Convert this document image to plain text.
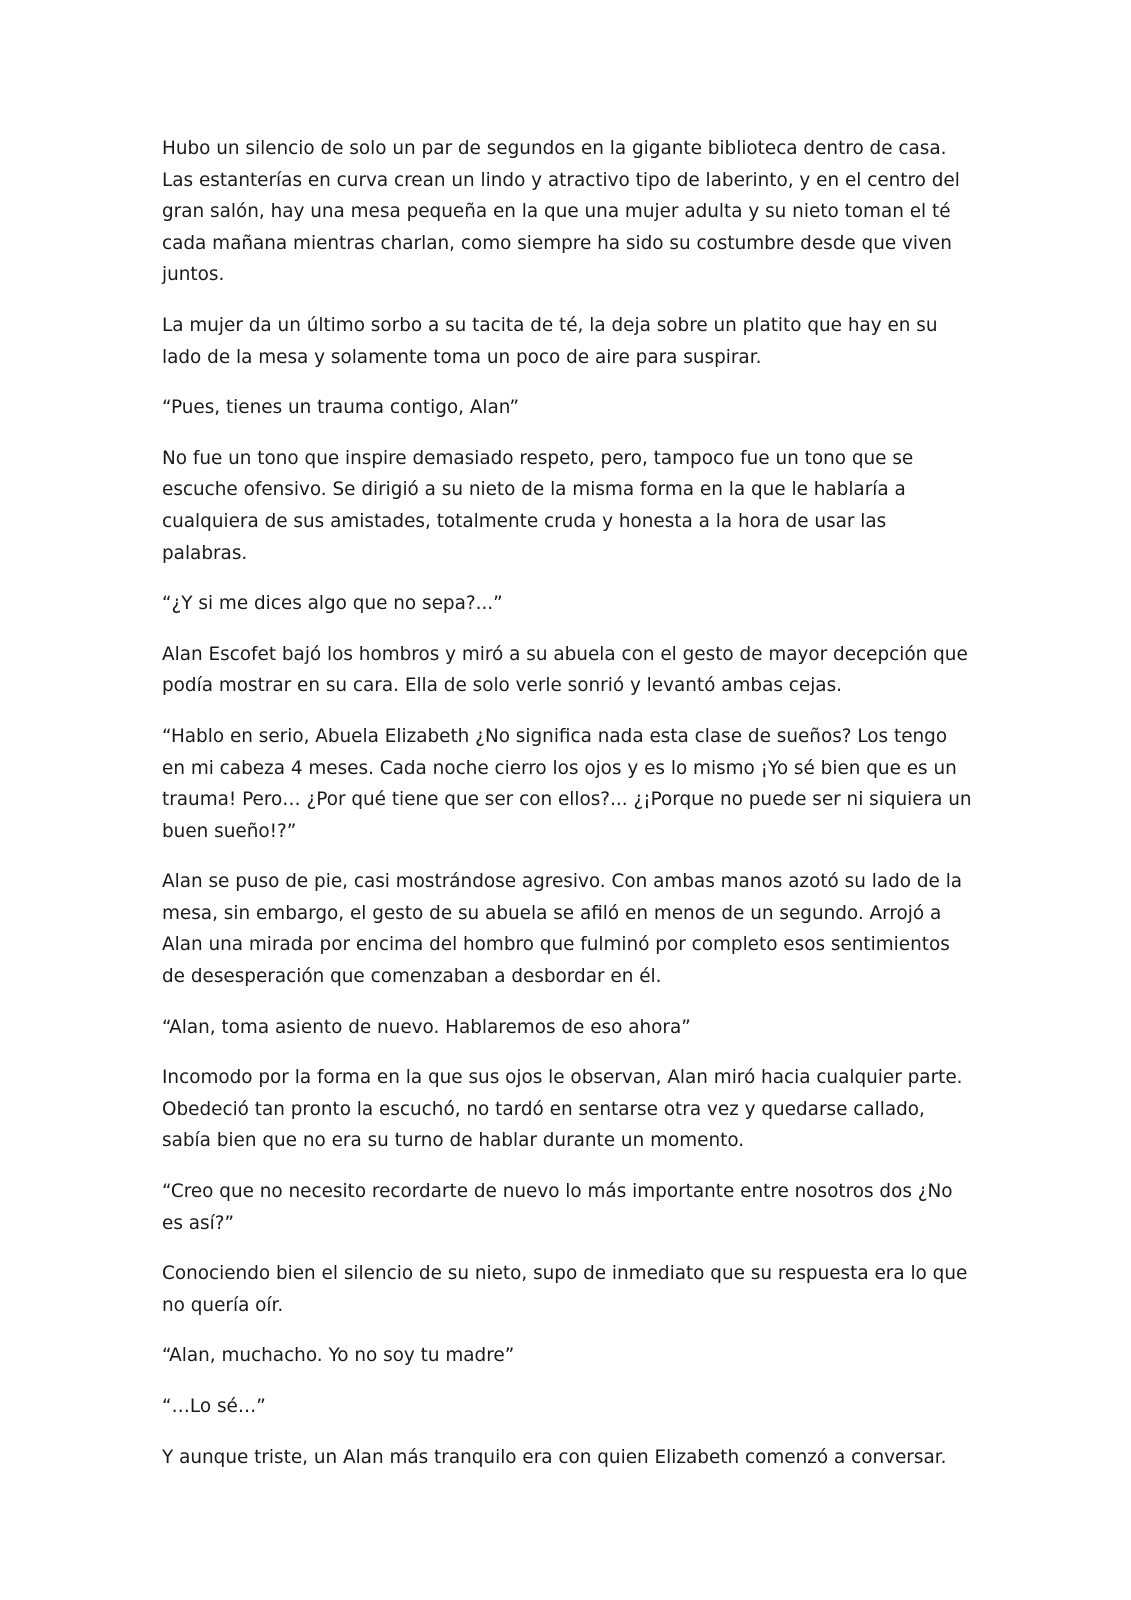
Hubo un silencio de solo un par de segundos en la gigante biblioteca dentro de casa. Las estanterías en curva crean un lindo y atractivo tipo de laberinto, y en el centro del gran salón, hay una mesa pequeña en la que una mujer adulta y su nieto toman el té cada mañana mientras charlan, como siempre ha sido su costumbre desde que viven juntos.

La mujer da un último sorbo a su tacita de té, la deja sobre un platito que hay en su lado de la mesa y solamente toma un poco de aire para suspirar.

“Pues, tienes un trauma contigo, Alan”

No fue un tono que inspire demasiado respeto, pero, tampoco fue un tono que se escuche ofensivo. Se dirigió a su nieto de la misma forma en la que le hablaría a cualquiera de sus amistades, totalmente cruda y honesta a la hora de usar las palabras.

“¿Y si me dices algo que no sepa?...”

Alan Escofet bajó los hombros y miró a su abuela con el gesto de mayor decepción que podía mostrar en su cara. Ella de solo verle sonrió y levantó ambas cejas.

“Hablo en serio, Abuela Elizabeth ¿No significa nada esta clase de sueños? Los tengo en mi cabeza 4 meses. Cada noche cierro los ojos y es lo mismo ¡Yo sé bien que es un trauma! Pero… ¿Por qué tiene que ser con ellos?... ¿¡Porque no puede ser ni siquiera un buen sueño!?”

Alan se puso de pie, casi mostrándose agresivo. Con ambas manos azotó su lado de la mesa, sin embargo, el gesto de su abuela se afiló en menos de un segundo. Arrojó a Alan una mirada por encima del hombro que fulminó por completo esos sentimientos de desesperación que comenzaban a desbordar en él.

“Alan, toma asiento de nuevo. Hablaremos de eso ahora”

Incomodo por la forma en la que sus ojos le observan, Alan miró hacia cualquier parte. Obedeció tan pronto la escuchó, no tardó en sentarse otra vez y quedarse callado, sabía bien que no era su turno de hablar durante un momento.

“Creo que no necesito recordarte de nuevo lo más importante entre nosotros dos ¿No es así?”

Conociendo bien el silencio de su nieto, supo de inmediato que su respuesta era lo que no quería oír.

“Alan, muchacho. Yo no soy tu madre”

“…Lo sé…”

Y aunque triste, un Alan más tranquilo era con quien Elizabeth comenzó a conversar.
